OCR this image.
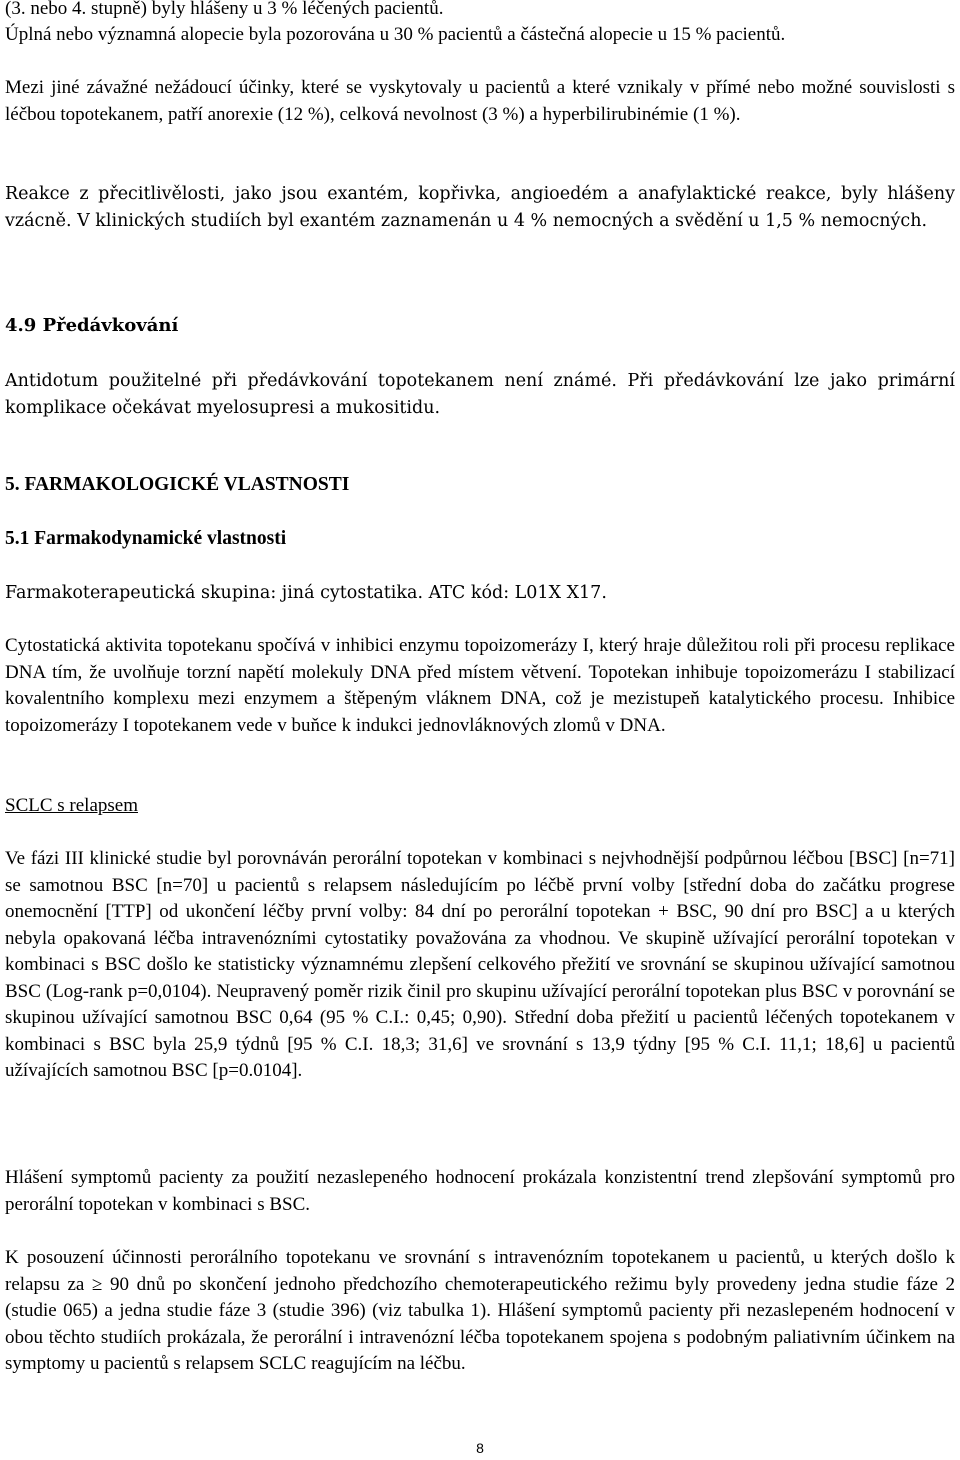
(3. nebo 4. stupně) byly hlášeny u 3 % léčených pacientů.

Úplná nebo významná alopecie byla pozorována u 30 % pacientů a částečná alopecie u 15 % pacientů.

Mezi jiné závažné nežádoucí účinky, které se vyskytovaly u pacientů a které vznikaly v přímé nebo možné souvislosti s léčbou topotekanem, patří anorexie (12 %), celková nevolnost (3 %) a hyperbilirubinémie (1 %).

Reakce z přecitlivělosti, jako jsou exantém, kopřivka, angioedém a anafylaktické reakce, byly hlášeny vzácně. V klinických studiích byl exantém zaznamenán u 4 % nemocných a svědění u 1,5 % nemocných.

4.9 Předávkování

Antidotum použitelné při předávkování topotekanem není známé. Při předávkování lze jako primární komplikace očekávat myelosupresi a mukositidu.

5. FARMAKOLOGICKÉ VLASTNOSTI
5.1 Farmakodynamické vlastnosti

Farmakoterapeutická skupina: jiná cytostatika. ATC kód: L01X X17.

Cytostatická aktivita topotekanu spočívá v inhibici enzymu topoizomerázy I, který hraje důležitou roli při procesu replikace DNA tím, že uvolňuje torzní napětí molekuly DNA před místem větvení. Topotekan inhibuje topoizomerázu I stabilizací kovalentního komplexu mezi enzymem a štěpeným vláknem DNA, což je mezistupeň katalytického procesu. Inhibice topoizomerázy I topotekanem vede v buňce k indukci jednovláknových zlomů v DNA.

SCLC s relapsem

Ve fázi III klinické studie byl porovnáván perorální topotekan v kombinaci s nejvhodnější podpůrnou léčbou [BSC] [n=71] se samotnou BSC [n=70] u pacientů s relapsem následujícím po léčbě první volby [střední doba do začátku progrese onemocnění [TTP] od ukončení léčby první volby: 84 dní po perorální topotekan + BSC, 90 dní pro BSC] a u kterých nebyla opakovaná léčba intravenózními cytostatiky považována za vhodnou. Ve skupině užívající perorální topotekan v kombinaci s BSC došlo ke statisticky významnému zlepšení celkového přežití ve srovnání se skupinou užívající samotnou BSC (Log-rank p=0,0104). Neupravený poměr rizik činil pro skupinu užívající perorální topotekan plus BSC v porovnání se skupinou užívající samotnou BSC 0,64 (95 % C.I.: 0,45; 0,90). Střední doba přežití u pacientů léčených topotekanem v kombinaci s BSC byla 25,9 týdnů [95 % C.I. 18,3; 31,6] ve srovnání s 13,9 týdny [95 % C.I. 11,1; 18,6] u pacientů užívajících samotnou BSC [p=0.0104].

Hlášení symptomů pacienty za použití nezaslepeného hodnocení prokázala konzistentní trend zlepšování symptomů pro perorální topotekan v kombinaci s BSC.

K posouzení účinnosti perorálního topotekanu ve srovnání s intravenózním topotekanem u pacientů, u kterých došlo k relapsu za ≥ 90 dnů po skončení jednoho předchozího chemoterapeutického režimu byly provedeny jedna studie fáze 2 (studie 065) a jedna studie fáze 3 (studie 396) (viz tabulka 1). Hlášení symptomů pacienty při nezaslepeném hodnocení v obou těchto studiích prokázala, že perorální i intravenózní léčba topotekanem spojena s podobným paliativním účinkem na symptomy u pacientů s relapsem SCLC reagujícím na léčbu.

8
